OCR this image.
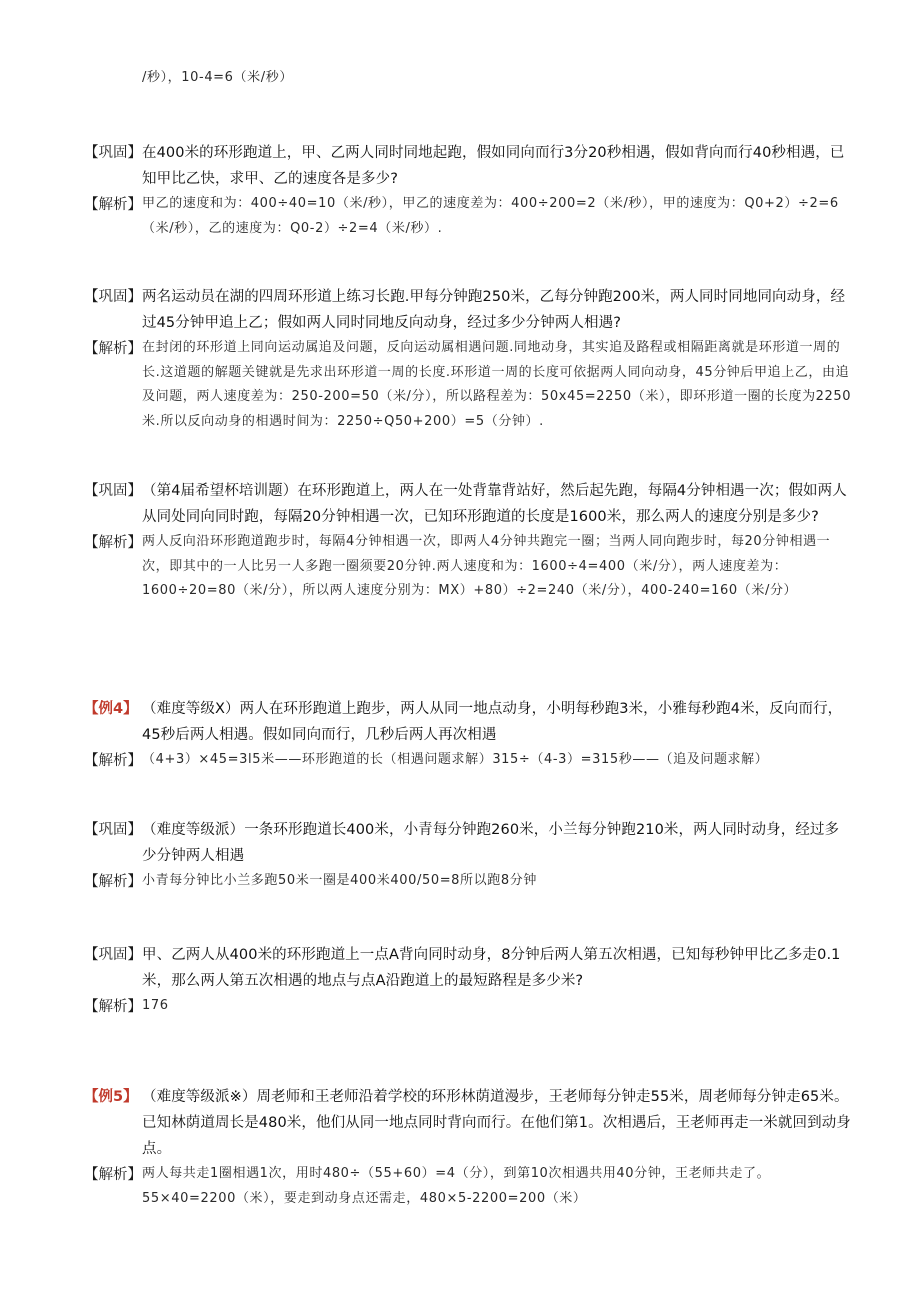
/秒），10-4=6（米/秒）
【巩固】 在400米的环形跑道上，甲、乙两人同时同地起跑，假如同向而行3分20秒相遇，假如背向而行40秒相遇，已知甲比乙快，求甲、乙的速度各是多少?
【解析】 甲乙的速度和为：400÷40=10（米/秒），甲乙的速度差为：400÷200=2（米/秒），甲的速度为：Q0+2）÷2=6（米/秒），乙的速度为：Q0-2）÷2=4（米/秒）.
【巩固】 两名运动员在湖的四周环形道上练习长跑.甲每分钟跑250米，乙每分钟跑200米，两人同时同地同向动身，经过45分钟甲追上乙；假如两人同时同地反向动身，经过多少分钟两人相遇?
【解析】 在封闭的环形道上同向运动属追及问题，反向运动属相遇问题.同地动身，其实追及路程或相隔距离就是环形道一周的长.这道题的解题关键就是先求出环形道一周的长度.环形道一周的长度可依据两人同向动身，45分钟后甲追上乙，由追及问题，两人速度差为：250-200=50（米/分），所以路程差为：50x45=2250（米），即环形道一圈的长度为2250米.所以反向动身的相遇时间为：2250÷Q50+200）=5（分钟）.
【巩固】 （第4届希望杯培训题）在环形跑道上，两人在一处背靠背站好，然后起先跑，每隔4分钟相遇一次；假如两人从同处同向同时跑，每隔20分钟相遇一次，已知环形跑道的长度是1600米，那么两人的速度分别是多少?
【解析】 两人反向沿环形跑道跑步时，每隔4分钟相遇一次，即两人4分钟共跑完一圈；当两人同向跑步时，每20分钟相遇一次，即其中的一人比另一人多跑一圈须要20分钟.两人速度和为：1600÷4=400（米/分），两人速度差为：1600÷20=80（米/分），所以两人速度分别为：MX）+80）÷2=240（米/分），400-240=160（米/分）
【例4】 （难度等级X）两人在环形跑道上跑步，两人从同一地点动身，小明每秒跑3米，小雅每秒跑4米，反向而行，45秒后两人相遇。假如同向而行，几秒后两人再次相遇
【解析】 （4+3）×45=3l5米——环形跑道的长（相遇问题求解）315÷（4-3）=315秒——（追及问题求解）
【巩固】 （难度等级派）一条环形跑道长400米，小青每分钟跑260米，小兰每分钟跑210米，两人同时动身，经过多少分钟两人相遇
【解析】 小青每分钟比小兰多跑50米一圈是400米400/50=8所以跑8分钟
【巩固】 甲、乙两人从400米的环形跑道上一点A背向同时动身，8分钟后两人第五次相遇，已知每秒钟甲比乙多走0.1米，那么两人第五次相遇的地点与点A沿跑道上的最短路程是多少米?
【解析】 176
【例5】 （难度等级派※）周老师和王老师沿着学校的环形林荫道漫步，王老师每分钟走55米，周老师每分钟走65米。已知林荫道周长是480米，他们从同一地点同时背向而行。在他们第1。次相遇后，王老师再走一米就回到动身点。
【解析】 两人每共走1圈相遇1次，用时480÷（55+60）=4（分），到第10次相遇共用40分钟，王老师共走了。55×40=2200（米），要走到动身点还需走，480×5-2200=200（米）
